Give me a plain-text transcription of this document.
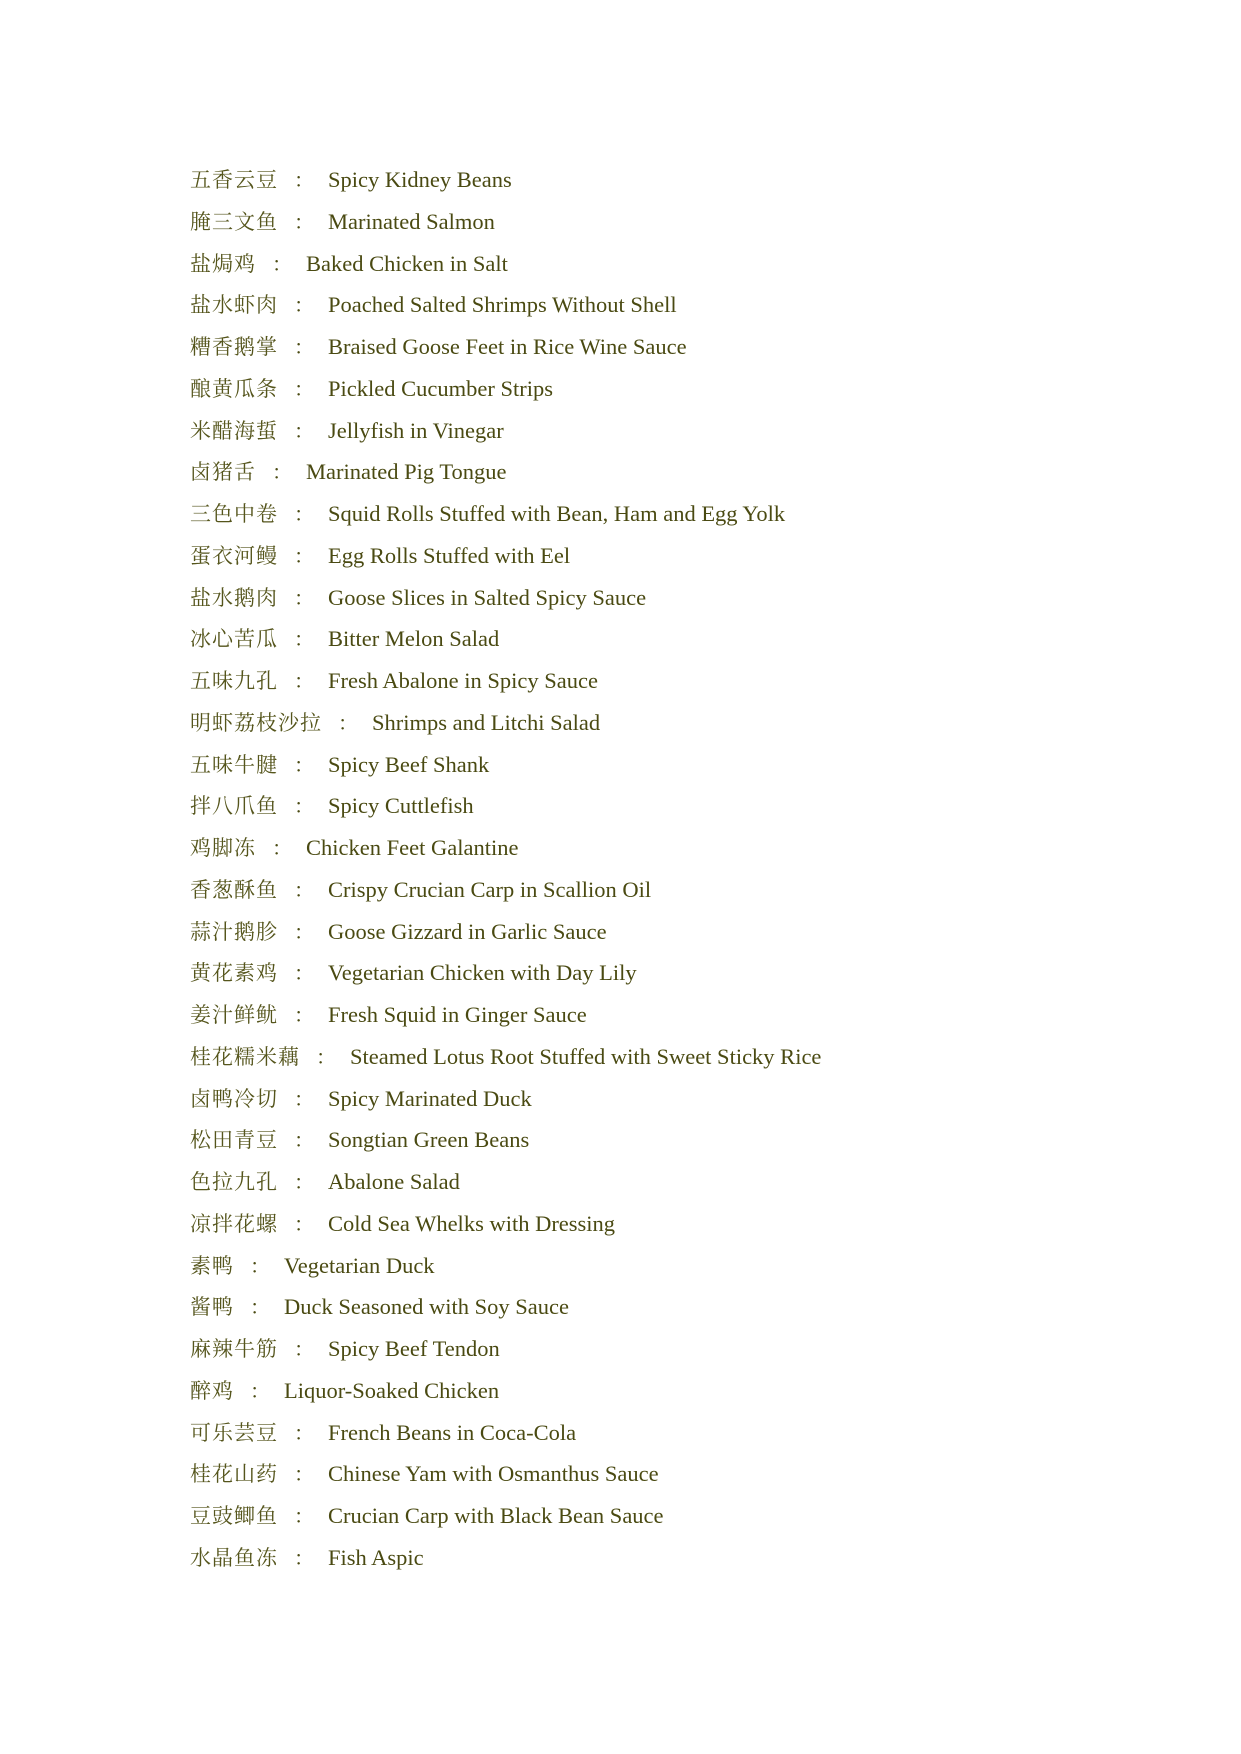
五香云豆 ： Spicy Kidney Beans
腌三文鱼 ： Marinated Salmon
盐焗鸡 ： Baked Chicken in Salt
盐水虾肉 ： Poached Salted Shrimps Without Shell
糟香鹅掌 ： Braised Goose Feet in Rice Wine Sauce
酿黄瓜条 ： Pickled Cucumber Strips
米醋海蜇 ： Jellyfish in Vinegar
卤猪舌 ： Marinated Pig Tongue
三色中卷 ： Squid Rolls Stuffed with Bean, Ham and Egg Yolk
蛋衣河鳗 ： Egg Rolls Stuffed with Eel
盐水鹅肉 ： Goose Slices in Salted Spicy Sauce
冰心苦瓜 ： Bitter Melon Salad
五味九孔 ： Fresh Abalone in Spicy Sauce
明虾荔枝沙拉 ： Shrimps and Litchi Salad
五味牛腱 ： Spicy Beef Shank
拌八爪鱼 ： Spicy Cuttlefish
鸡脚冻 ： Chicken Feet Galantine
香葱酥鱼 ： Crispy Crucian Carp in Scallion Oil
蒜汁鹅胗 ： Goose Gizzard in Garlic Sauce
黄花素鸡 ： Vegetarian Chicken with Day Lily
姜汁鲜鱿 ： Fresh Squid in Ginger Sauce
桂花糯米藕 ： Steamed Lotus Root Stuffed with Sweet Sticky Rice
卤鸭冷切 ： Spicy Marinated Duck
松田青豆 ： Songtian Green Beans
色拉九孔 ： Abalone Salad
凉拌花螺 ： Cold Sea Whelks with Dressing
素鸭 ： Vegetarian Duck
酱鸭 ： Duck Seasoned with Soy Sauce
麻辣牛筋 ： Spicy Beef Tendon
醉鸡 ： Liquor-Soaked Chicken
可乐芸豆 ： French Beans in Coca-Cola
桂花山药 ： Chinese Yam with Osmanthus Sauce
豆豉鲫鱼 ： Crucian Carp with Black Bean Sauce
水晶鱼冻 ： Fish Aspic
